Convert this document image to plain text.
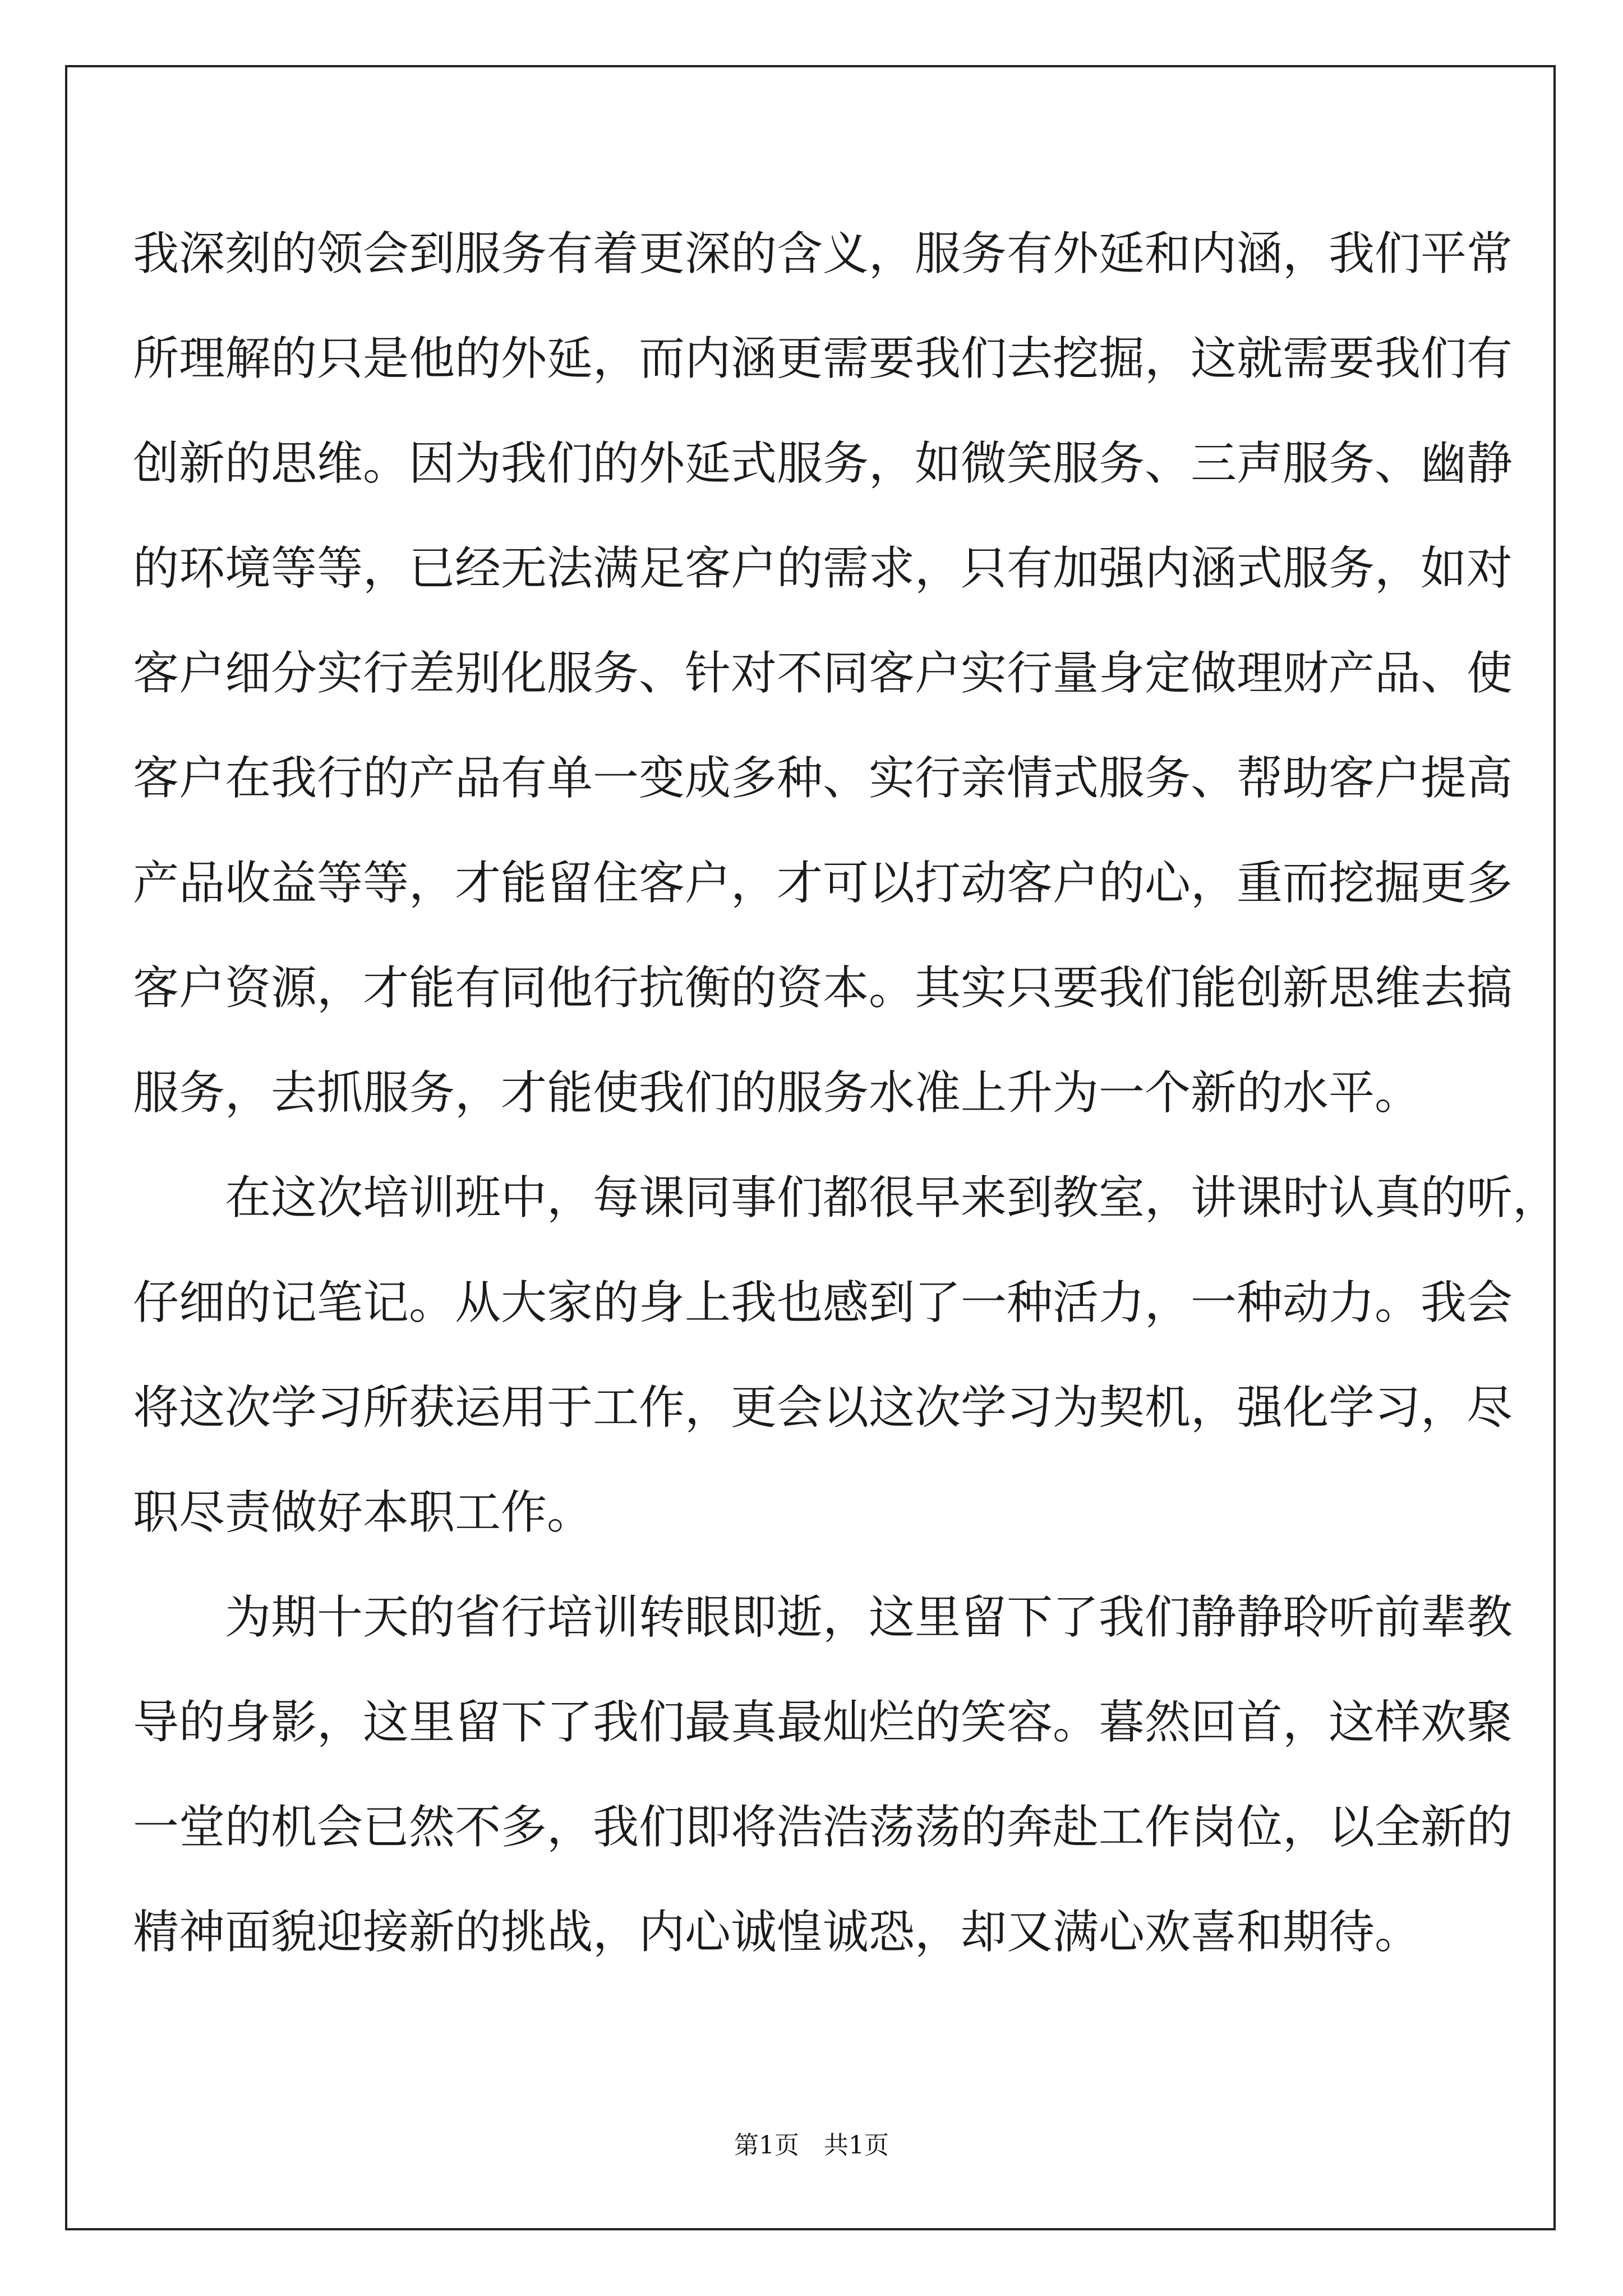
我深刻的领会到服务有着更深的含义，服务有外延和内涵，我们平常
所理解的只是他的外延，而内涵更需要我们去挖掘，这就需要我们有
创新的思维。因为我们的外延式服务，如微笑服务、三声服务、幽静
的环境等等，已经无法满足客户的需求，只有加强内涵式服务，如对
客户细分实行差别化服务、针对不同客户实行量身定做理财产品、使
客户在我行的产品有单一变成多种、实行亲情式服务、帮助客户提高
产品收益等等，才能留住客户，才可以打动客户的心，重而挖掘更多
客户资源，才能有同他行抗衡的资本。其实只要我们能创新思维去搞
服务，去抓服务，才能使我们的服务水准上升为一个新的水平。
在这次培训班中，每课同事们都很早来到教室，讲课时认真的听，
仔细的记笔记。从大家的身上我也感到了一种活力，一种动力。我会
将这次学习所获运用于工作，更会以这次学习为契机，强化学习，尽
职尽责做好本职工作。
为期十天的省行培训转眼即逝，这里留下了我们静静聆听前辈教
导的身影，这里留下了我们最真最灿烂的笑容。暮然回首，这样欢聚
一堂的机会已然不多，我们即将浩浩荡荡的奔赴工作岗位，以全新的
精神面貌迎接新的挑战，内心诚惶诚恐，却又满心欢喜和期待。
第1页　共1页
